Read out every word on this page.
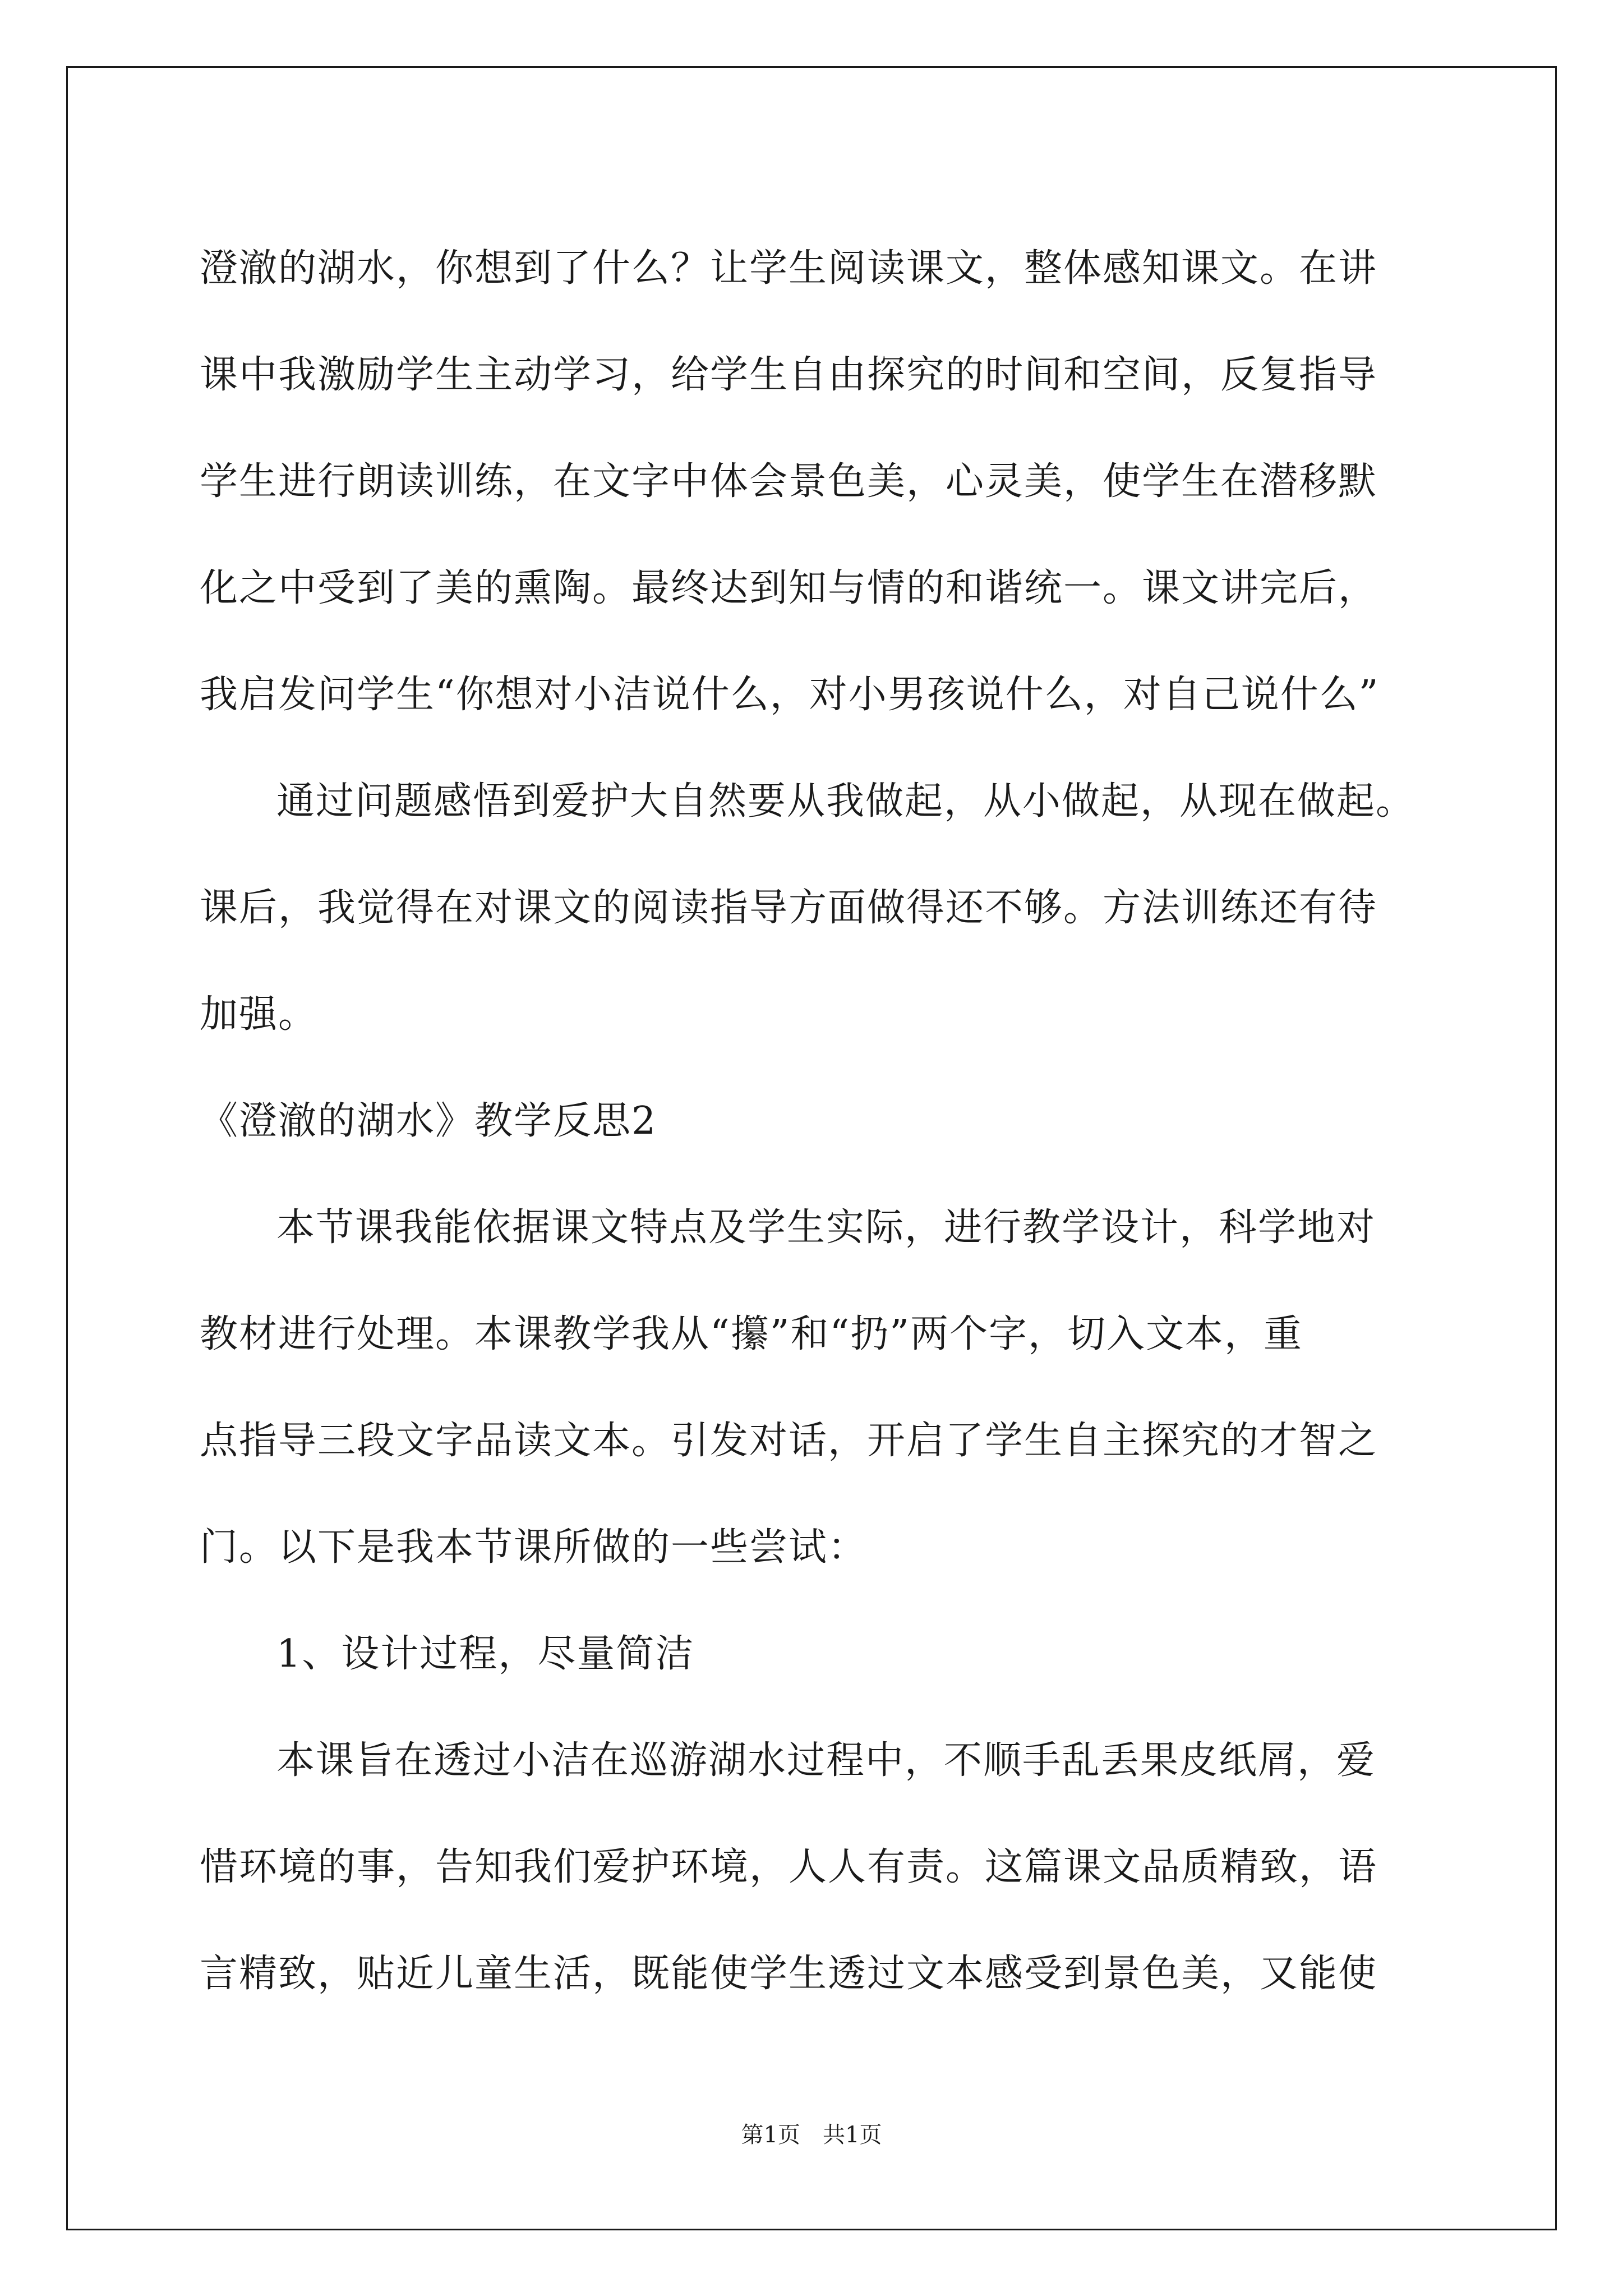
澄澈的湖水，你想到了什么？让学生阅读课文，整体感知课文。在讲
课中我激励学生主动学习，给学生自由探究的时间和空间，反复指导
学生进行朗读训练，在文字中体会景色美，心灵美，使学生在潜移默
化之中受到了美的熏陶。最终达到知与情的和谐统一。课文讲完后，
我启发问学生“你想对小洁说什么，对小男孩说什么，对自己说什么”
通过问题感悟到爱护大自然要从我做起，从小做起，从现在做起。
课后，我觉得在对课文的阅读指导方面做得还不够。方法训练还有待
加强。
《澄澈的湖水》教学反思2
本节课我能依据课文特点及学生实际，进行教学设计，科学地对
教材进行处理。本课教学我从“攥”和“扔”两个字，切入文本，重
点指导三段文字品读文本。引发对话，开启了学生自主探究的才智之
门。以下是我本节课所做的一些尝试：
1、设计过程，尽量简洁
本课旨在透过小洁在巡游湖水过程中，不顺手乱丢果皮纸屑，爱
惜环境的事，告知我们爱护环境，人人有责。这篇课文品质精致，语
言精致，贴近儿童生活，既能使学生透过文本感受到景色美，又能使
第1页　共1页
